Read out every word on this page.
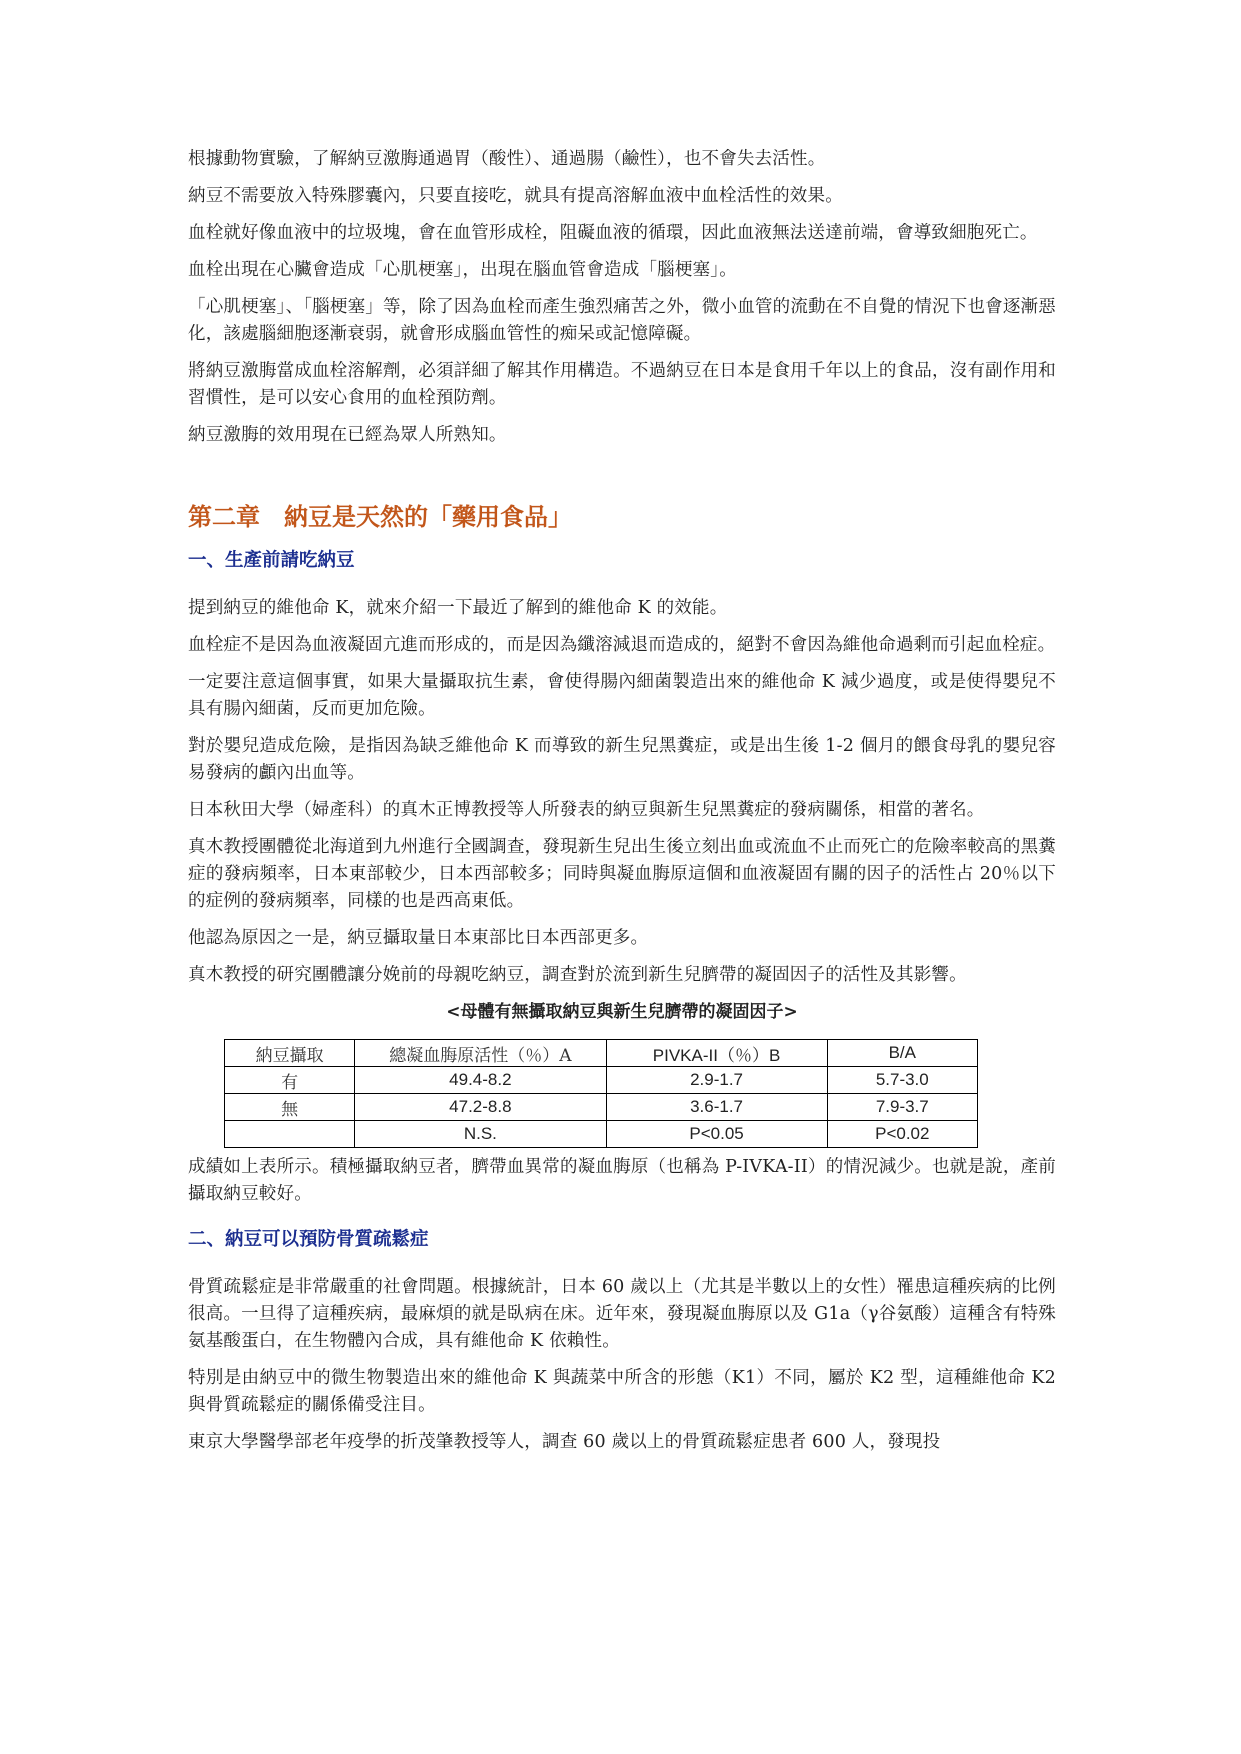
根據動物實驗，了解納豆激脢通過胃（酸性）、通過腸（鹼性），也不會失去活性。

納豆不需要放入特殊膠囊內，只要直接吃，就具有提高溶解血液中血栓活性的效果。

血栓就好像血液中的垃圾塊，會在血管形成栓，阻礙血液的循環，因此血液無法送達前端，會導致細胞死亡。

血栓出現在心臟會造成「心肌梗塞」，出現在腦血管會造成「腦梗塞」。

「心肌梗塞」、「腦梗塞」等，除了因為血栓而產生強烈痛苦之外，微小血管的流動在不自覺的情況下也會逐漸惡化，該處腦細胞逐漸衰弱，就會形成腦血管性的痴呆或記憶障礙。

將納豆激脢當成血栓溶解劑，必須詳細了解其作用構造。不過納豆在日本是食用千年以上的食品，沒有副作用和習慣性，是可以安心食用的血栓預防劑。

納豆激脢的效用現在已經為眾人所熟知。

第二章　納豆是天然的「藥用食品」
一、生產前請吃納豆

提到納豆的維他命 K，就來介紹一下最近了解到的維他命 K 的效能。

血栓症不是因為血液凝固亢進而形成的，而是因為纖溶減退而造成的，絕對不會因為維他命過剩而引起血栓症。

一定要注意這個事實，如果大量攝取抗生素，會使得腸內細菌製造出來的維他命 K 減少過度，或是使得嬰兒不具有腸內細菌，反而更加危險。

對於嬰兒造成危險，是指因為缺乏維他命 K 而導致的新生兒黑糞症，或是出生後 1-2 個月的餵食母乳的嬰兒容易發病的顱內出血等。

日本秋田大學（婦產科）的真木正博教授等人所發表的納豆與新生兒黑糞症的發病關係，相當的著名。

真木教授團體從北海道到九州進行全國調查，發現新生兒出生後立刻出血或流血不止而死亡的危險率較高的黑糞症的發病頻率，日本東部較少，日本西部較多；同時與凝血脢原這個和血液凝固有關的因子的活性占 20％以下的症例的發病頻率，同樣的也是西高東低。

他認為原因之一是，納豆攝取量日本東部比日本西部更多。

真木教授的研究團體讓分娩前的母親吃納豆，調查對於流到新生兒臍帶的凝固因子的活性及其影響。

<母體有無攝取納豆與新生兒臍帶的凝固因子>
納豆攝取	總凝血脢原活性（％）A	PIVKA-II（％）B	B/A
有	49.4-8.2	2.9-1.7	5.7-3.0
無	47.2-8.8	3.6-1.7	7.9-3.7
	N.S.	P<0.05	P<0.02

成績如上表所示。積極攝取納豆者，臍帶血異常的凝血脢原（也稱為 P-IVKA-II）的情況減少。也就是說，產前攝取納豆較好。

二、納豆可以預防骨質疏鬆症

骨質疏鬆症是非常嚴重的社會問題。根據統計，日本 60 歲以上（尤其是半數以上的女性）罹患這種疾病的比例很高。一旦得了這種疾病，最麻煩的就是臥病在床。近年來，發現凝血脢原以及 G1a（γ谷氨酸）這種含有特殊氨基酸蛋白，在生物體內合成，具有維他命 K 依賴性。

特別是由納豆中的微生物製造出來的維他命 K 與蔬菜中所含的形態（K1）不同，屬於 K2 型，這種維他命 K2 與骨質疏鬆症的關係備受注目。

東京大學醫學部老年疫學的折茂肇教授等人，調查 60 歲以上的骨質疏鬆症患者 600 人，發現投
